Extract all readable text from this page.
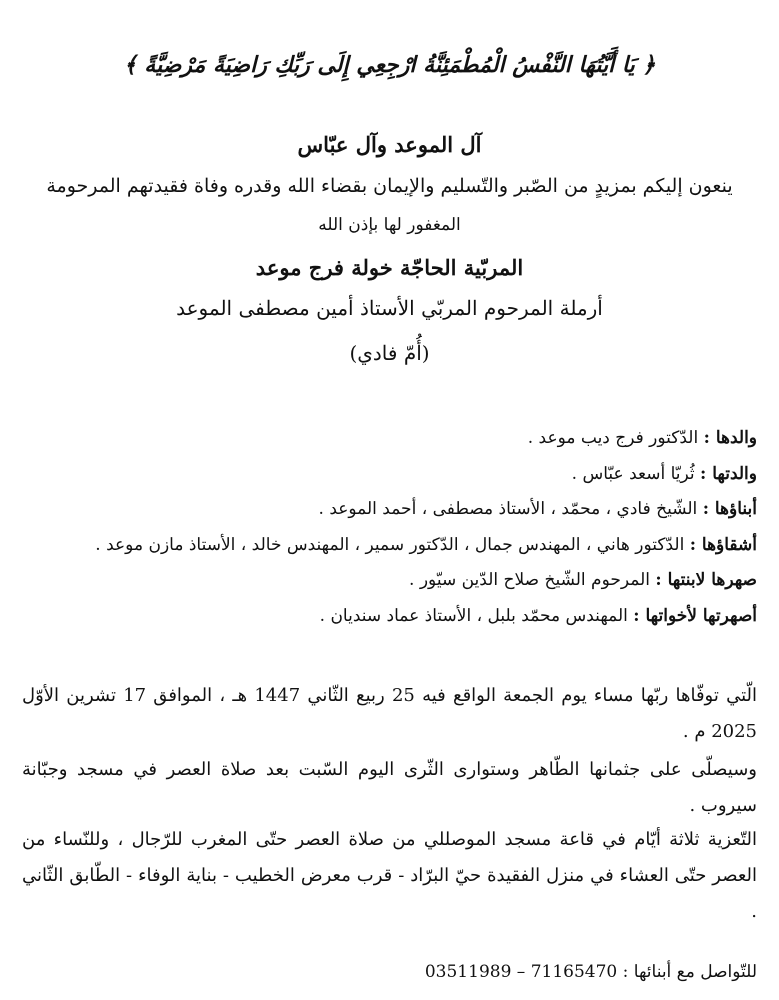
﴿ يَا أَيَّتُهَا النَّفْسُ الْمُطْمَئِنَّةُ ارْجِعِي إِلَى رَبِّكِ رَاضِيَةً مَرْضِيَّةً ﴾
آل الموعد وآل عبّاس
ينعون إليكم بمزيدٍ من الصّبر والتّسليم والإيمان بقضاء الله وقدره وفاة فقيدتهم المرحومة
المغفور لها بإذن الله
المربّية الحاجّة خولة فرج موعد
أرملة المرحوم المربّي الأستاذ أمين مصطفى الموعد
(أُمّ فادي)
والدها : الدّكتور فرج ديب موعد .
والدتها : ثُريّا أسعد عبّاس .
أبناؤها : الشّيخ فادي ، محمّد ، الأستاذ مصطفى ، أحمد الموعد .
أشقاؤها : الدّكتور هاني ، المهندس جمال ، الدّكتور سمير ، المهندس خالد ، الأستاذ مازن موعد .
صهرها لابنتها : المرحوم الشّيخ صلاح الدّين سيّور .
أصهرتها لأخواتها : المهندس محمّد بلبل ، الأستاذ عماد سنديان .

الّتي توفّاها ربّها مساء يوم الجمعة الواقع فيه 25 ربيع الثّاني 1447 هـ ، الموافق 17 تشرين الأوّل 2025 م .

وسيصلّى على جثمانها الطّاهر وستوارى الثّرى اليوم السّبت بعد صلاة العصر في مسجد وجبّانة سيروب .

التّعزية ثلاثة أيّام في قاعة مسجد الموصللي من صلاة العصر حتّى المغرب للرّجال ، وللنّساء من العصر حتّى العشاء في منزل الفقيدة حيّ البرّاد - قرب معرض الخطيب - بناية الوفاء - الطّابق الثّاني .

للتّواصل مع أبنائها : 03511989 – 71165470
